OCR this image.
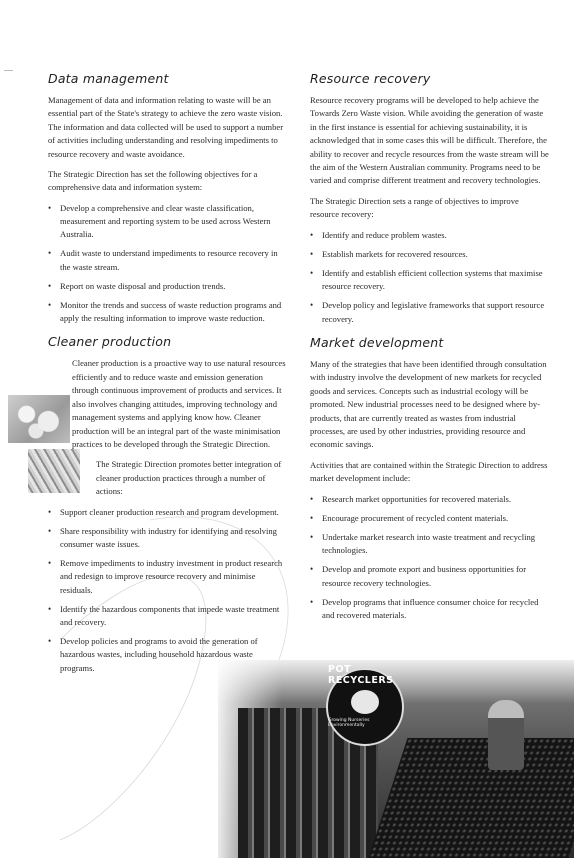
Data management

Management of data and information relating to waste will be an essential part of the State's strategy to achieve the zero waste vision. The information and data collected will be used to support a number of activities including understanding and resolving impediments to resource recovery and waste avoidance.

The Strategic Direction has set the following objectives for a comprehensive data and information system:

• Develop a comprehensive and clear waste classification, measurement and reporting system to be used across Western Australia.
• Audit waste to understand impediments to resource recovery in the waste stream.
• Report on waste disposal and production trends.
• Monitor the trends and success of waste reduction programs and apply the resulting information to improve waste reduction.
Cleaner production

Cleaner production is a proactive way to use natural resources efficiently and to reduce waste and emission generation through continuous improvement of products and services. It also involves changing attitudes, improving technology and management systems and applying know how. Cleaner production will be an integral part of the waste minimisation practices to be developed through the Strategic Direction.

The Strategic Direction promotes better integration of cleaner production practices through a number of actions:

• Support cleaner production research and program development.
• Share responsibility with industry for identifying and resolving consumer waste issues.
• Remove impediments to industry investment in product research and redesign to improve resource recovery and minimise residuals.
• Identify the hazardous components that impede waste treatment and recovery.
• Develop policies and programs to avoid the generation of hazardous wastes, including household hazardous waste programs.
Resource recovery

Resource recovery programs will be developed to help achieve the Towards Zero Waste vision. While avoiding the generation of waste in the first instance is essential for achieving sustainability, it is acknowledged that in some cases this will be difficult. Therefore, the ability to recover and recycle resources from the waste stream will be the aim of the Western Australian community. Programs need to be varied and comprise different treatment and recovery technologies.

The Strategic Direction sets a range of objectives to improve resource recovery:

• Identify and reduce problem wastes.
• Establish markets for recovered resources.
• Identify and establish efficient collection systems that maximise resource recovery.
• Develop policy and legislative frameworks that support resource recovery.
Market development

Many of the strategies that have been identified through consultation with industry involve the development of new markets for recycled goods and services. Concepts such as industrial ecology will be promoted. New industrial processes need to be designed where by-products, that are currently treated as wastes from industrial processes, are used by other industries, providing resource and economic savings.

Activities that are contained within the Strategic Direction to address market development include:

• Research market opportunities for recovered materials.
• Encourage procurement of recycled content materials.
• Undertake market research into waste treatment and recycling technologies.
• Develop and promote export and business opportunities for resource recovery technologies.
• Develop programs that influence consumer choice for recycled and recovered materials.
POT RECYCLERS
Growing Nurseries Environmentally
